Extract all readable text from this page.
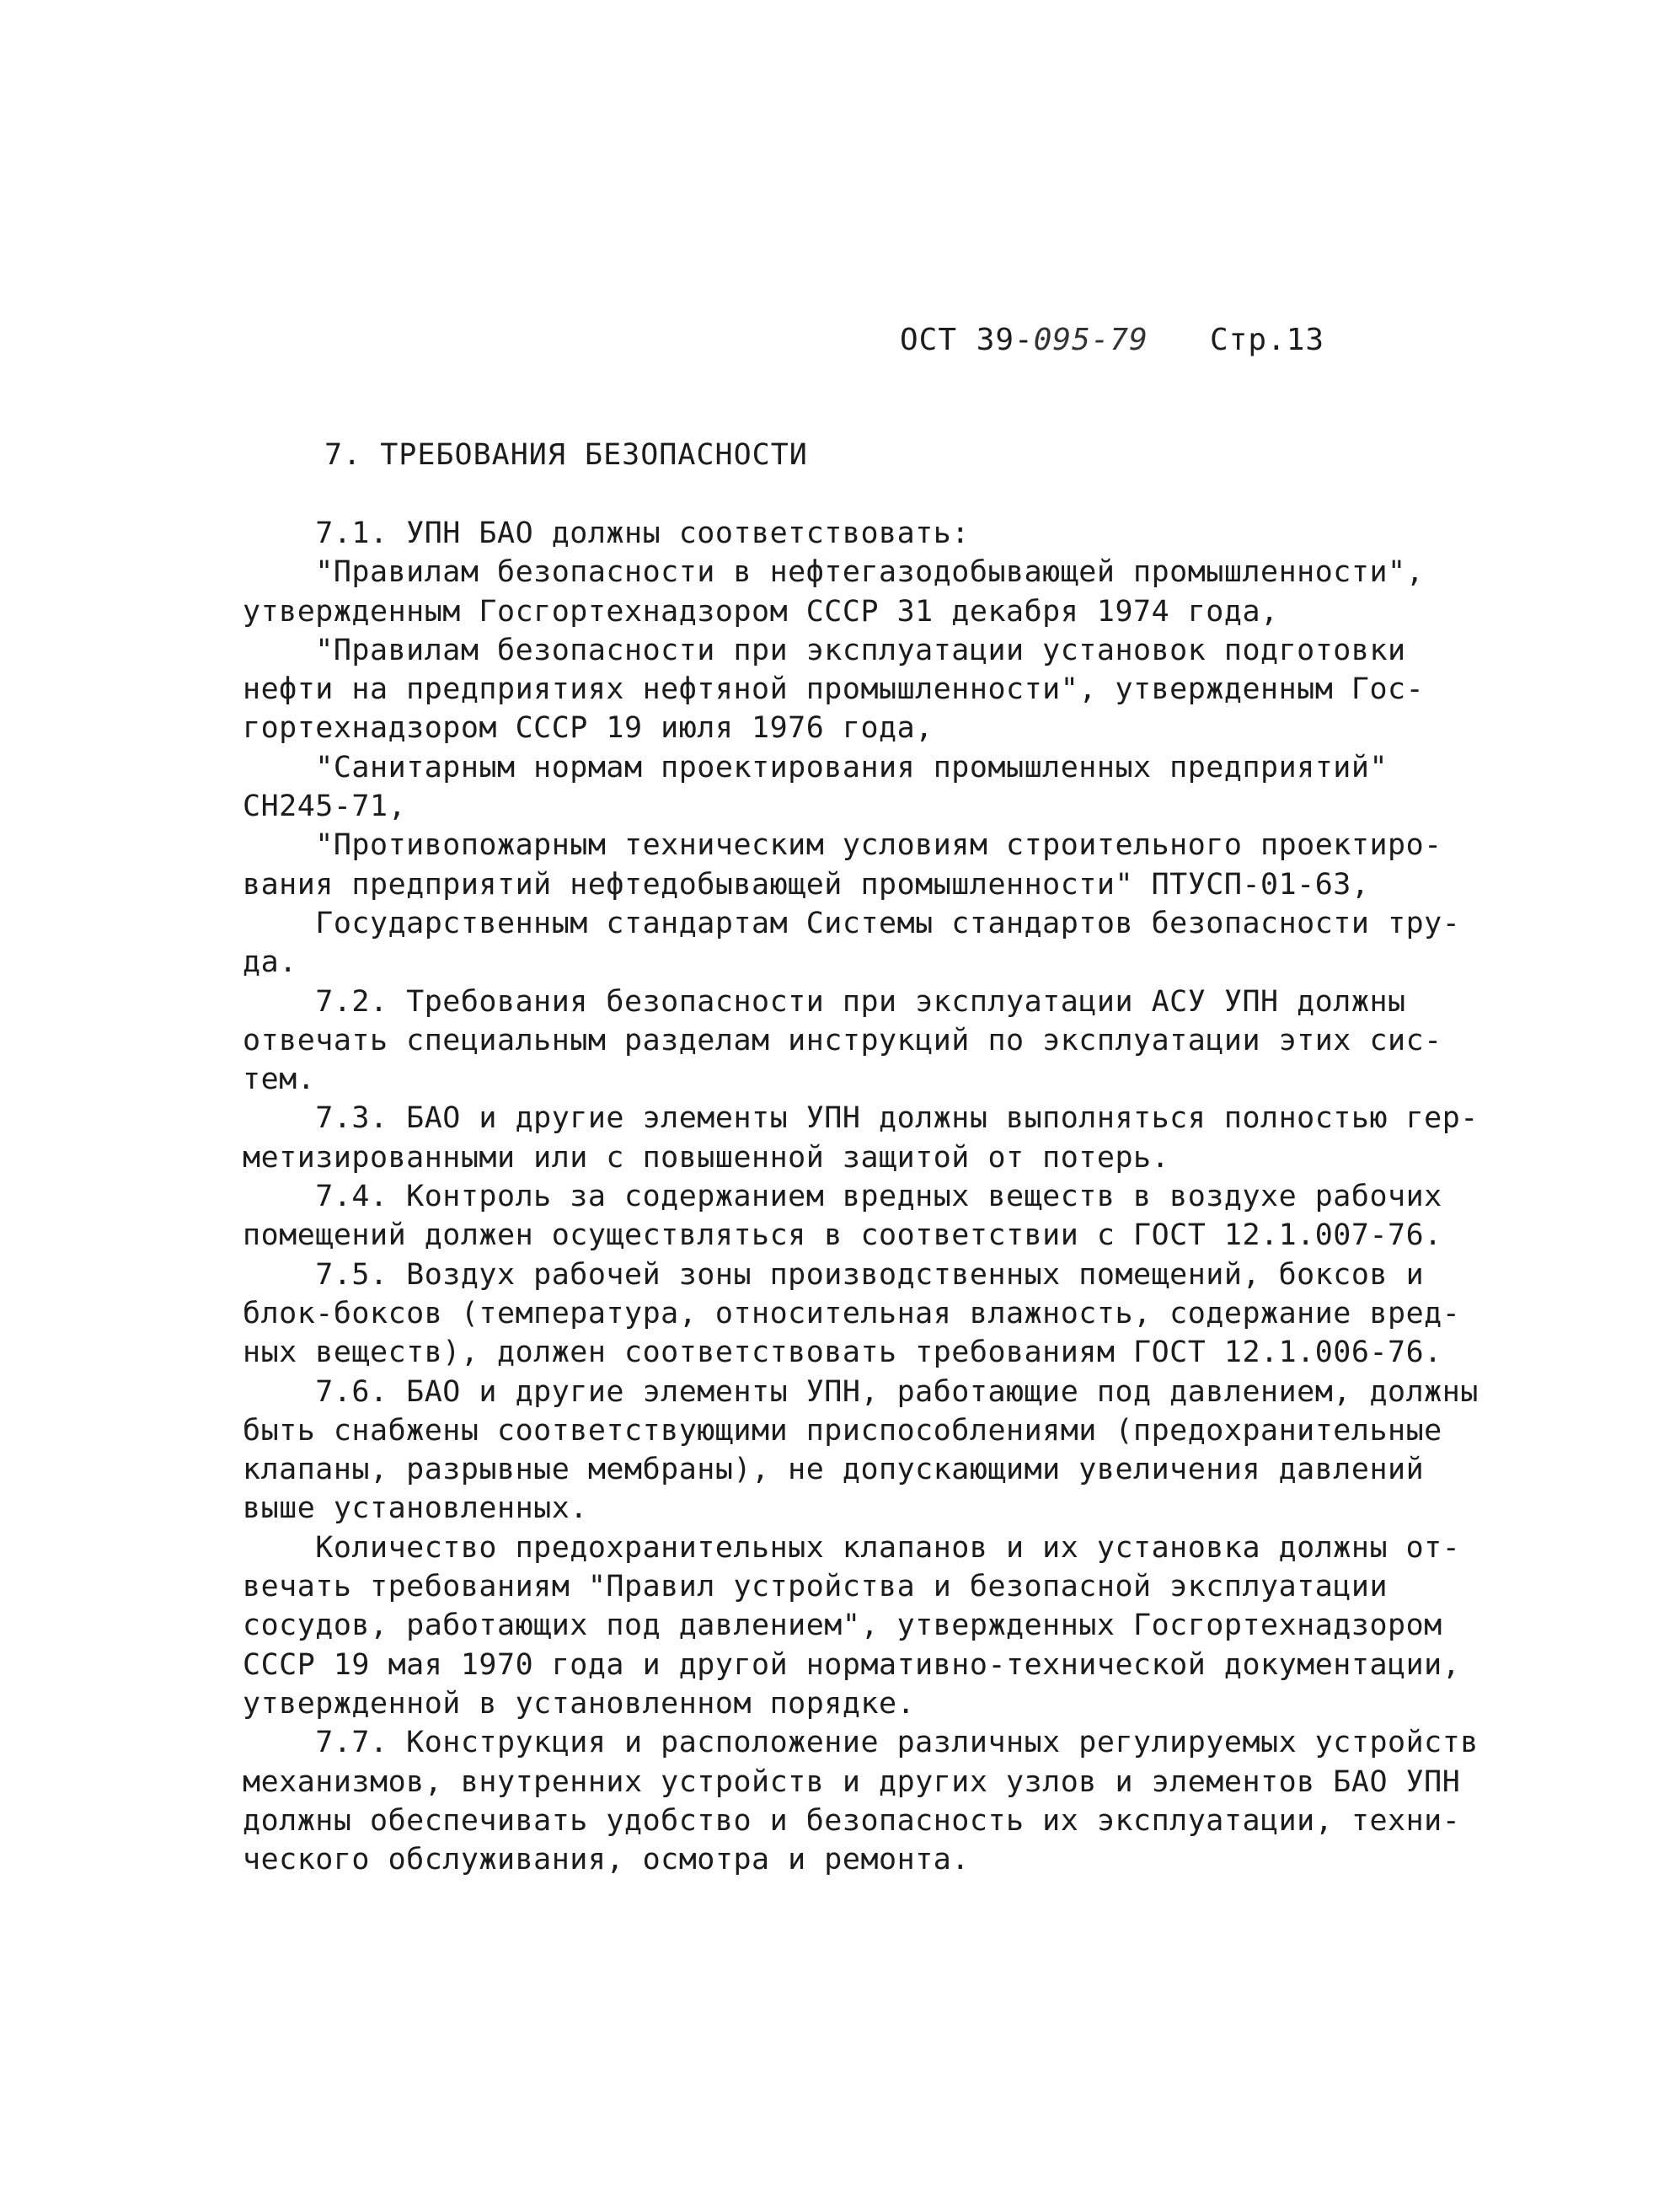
ОСТ 39-095-79 Стр.13
7. ТРЕБОВАНИЯ БЕЗОПАСНОСТИ
7.1. УПН БАО должны соответствовать:
"Правилам безопасности в нефтегазодобывающей промышленности",
утвержденным Госгортехнадзором СССР 31 декабря 1974 года,
"Правилам безопасности при эксплуатации установок подготовки
нефти на предприятиях нефтяной промышленности", утвержденным Гос-
гортехнадзором СССР 19 июля 1976 года,
"Санитарным нормам проектирования промышленных предприятий"
СН245-71,
"Противопожарным техническим условиям строительного проектиро-
вания предприятий нефтедобывающей промышленности" ПТУСП-01-63,
Государственным стандартам Системы стандартов безопасности тру-
да.
7.2. Требования безопасности при эксплуатации АСУ УПН должны
отвечать специальным разделам инструкций по эксплуатации этих сис-
тем.
7.3. БАО и другие элементы УПН должны выполняться полностью гер-
метизированными или с повышенной защитой от потерь.
7.4. Контроль за содержанием вредных веществ в воздухе рабочих
помещений должен осуществляться в соответствии с ГОСТ 12.1.007-76.
7.5. Воздух рабочей зоны производственных помещений, боксов и
блок-боксов (температура, относительная влажность, содержание вред-
ных веществ), должен соответствовать требованиям ГОСТ 12.1.006-76.
7.6. БАО и другие элементы УПН, работающие под давлением, должны
быть снабжены соответствующими приспособлениями (предохранительные
клапаны, разрывные мембраны), не допускающими увеличения давлений
выше установленных.
Количество предохранительных клапанов и их установка должны от-
вечать требованиям "Правил устройства и безопасной эксплуатации
сосудов, работающих под давлением", утвержденных Госгортехнадзором
СССР 19 мая 1970 года и другой нормативно-технической документации,
утвержденной в установленном порядке.
7.7. Конструкция и расположение различных регулируемых устройств
механизмов, внутренних устройств и других узлов и элементов БАО УПН
должны обеспечивать удобство и безопасность их эксплуатации, техни-
ческого обслуживания, осмотра и ремонта.
